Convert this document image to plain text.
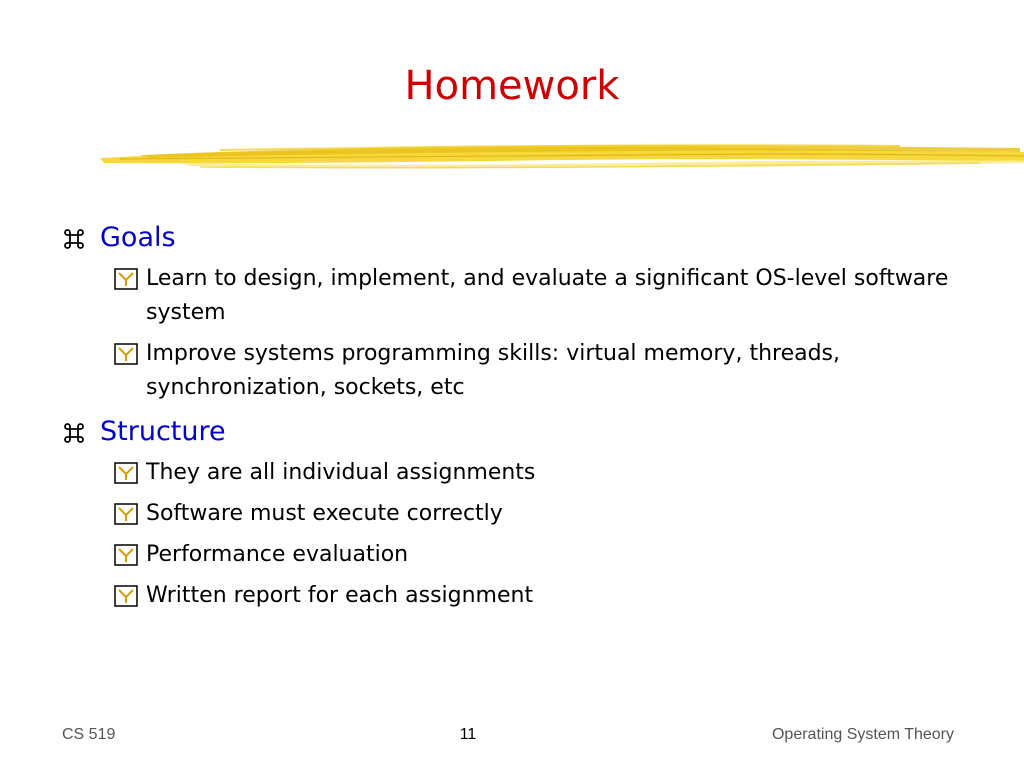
Homework
Goals
Learn to design, implement, and evaluate a significant OS-level software system
Improve systems programming skills: virtual memory, threads, synchronization, sockets, etc
Structure
They are all individual assignments
Software must execute correctly
Performance evaluation
Written report for each assignment
CS 519	11	Operating System Theory
